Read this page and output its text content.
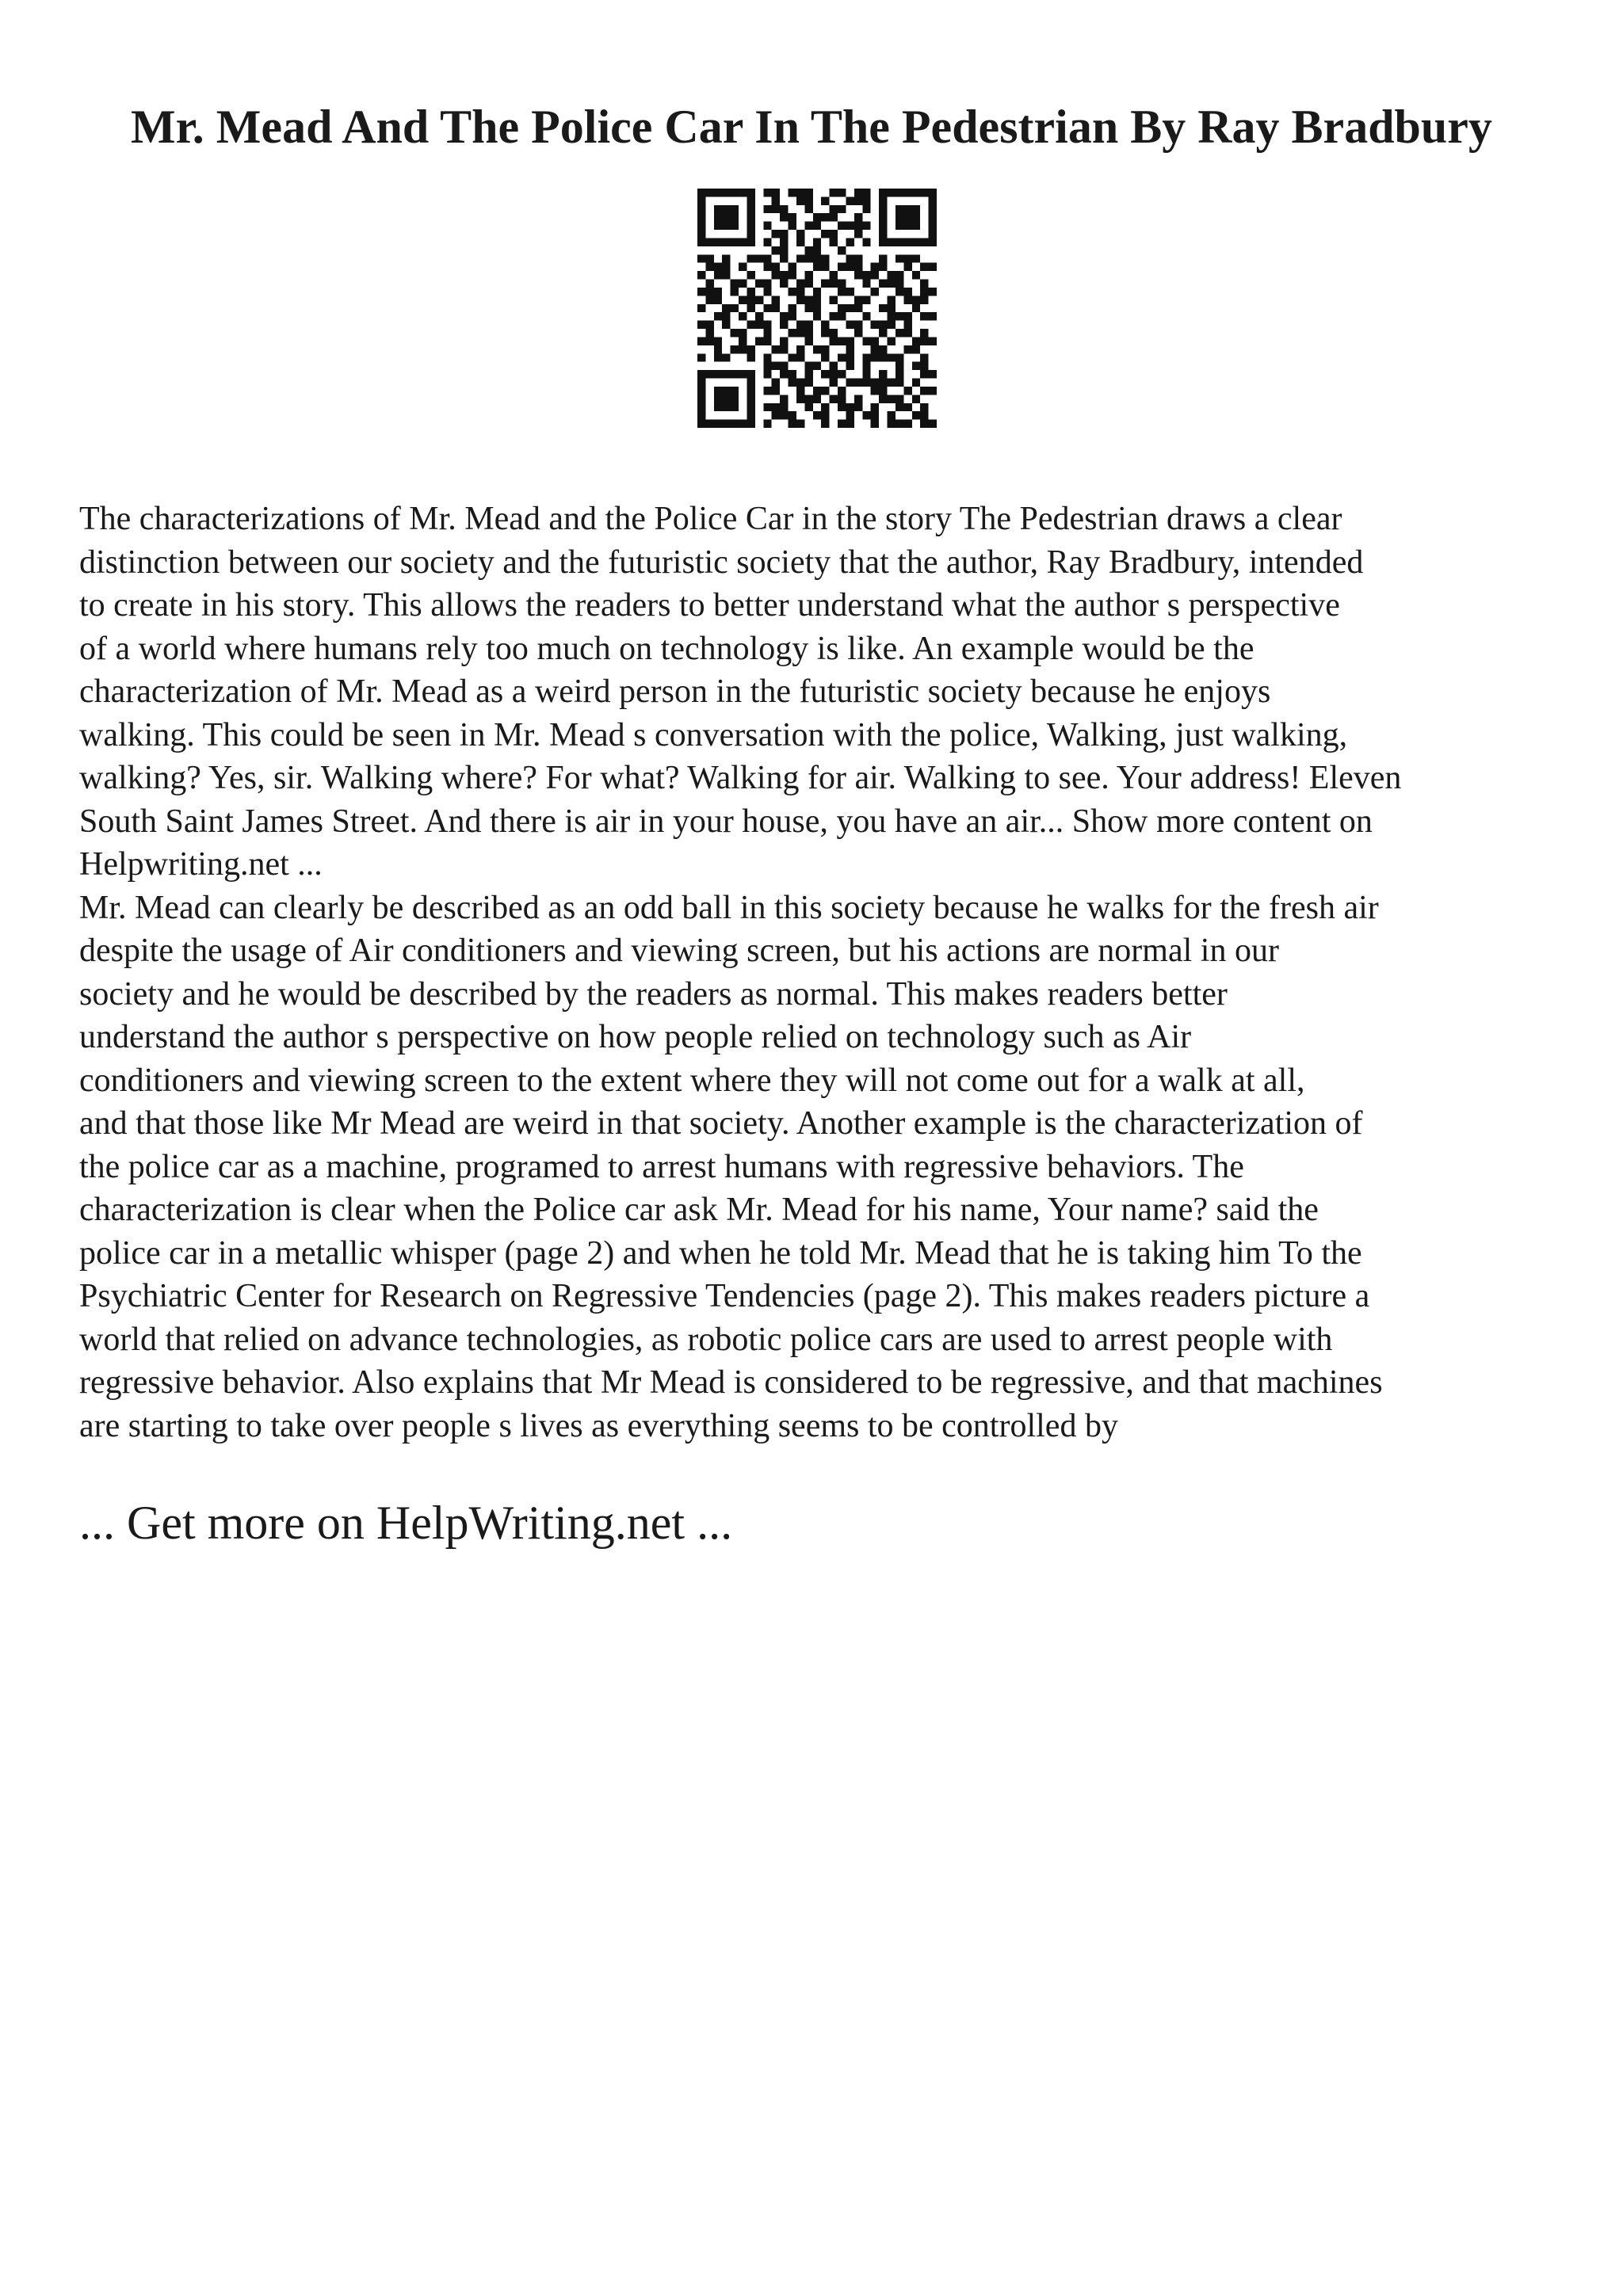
Mr. Mead And The Police Car In The Pedestrian By Ray Bradbury
The characterizations of Mr. Mead and the Police Car in the story The Pedestrian draws a clear
distinction between our society and the futuristic society that the author, Ray Bradbury, intended
to create in his story. This allows the readers to better understand what the author s perspective
of a world where humans rely too much on technology is like. An example would be the
characterization of Mr. Mead as a weird person in the futuristic society because he enjoys
walking. This could be seen in Mr. Mead s conversation with the police, Walking, just walking,
walking? Yes, sir. Walking where? For what? Walking for air. Walking to see. Your address! Eleven
South Saint James Street. And there is air in your house, you have an air... Show more content on
Helpwriting.net ...
Mr. Mead can clearly be described as an odd ball in this society because he walks for the fresh air
despite the usage of Air conditioners and viewing screen, but his actions are normal in our
society and he would be described by the readers as normal. This makes readers better
understand the author s perspective on how people relied on technology such as Air
conditioners and viewing screen to the extent where they will not come out for a walk at all,
and that those like Mr Mead are weird in that society. Another example is the characterization of
the police car as a machine, programed to arrest humans with regressive behaviors. The
characterization is clear when the Police car ask Mr. Mead for his name, Your name? said the
police car in a metallic whisper (page 2) and when he told Mr. Mead that he is taking him To the
Psychiatric Center for Research on Regressive Tendencies (page 2). This makes readers picture a
world that relied on advance technologies, as robotic police cars are used to arrest people with
regressive behavior. Also explains that Mr Mead is considered to be regressive, and that machines
are starting to take over people s lives as everything seems to be controlled by
... Get more on HelpWriting.net ...
